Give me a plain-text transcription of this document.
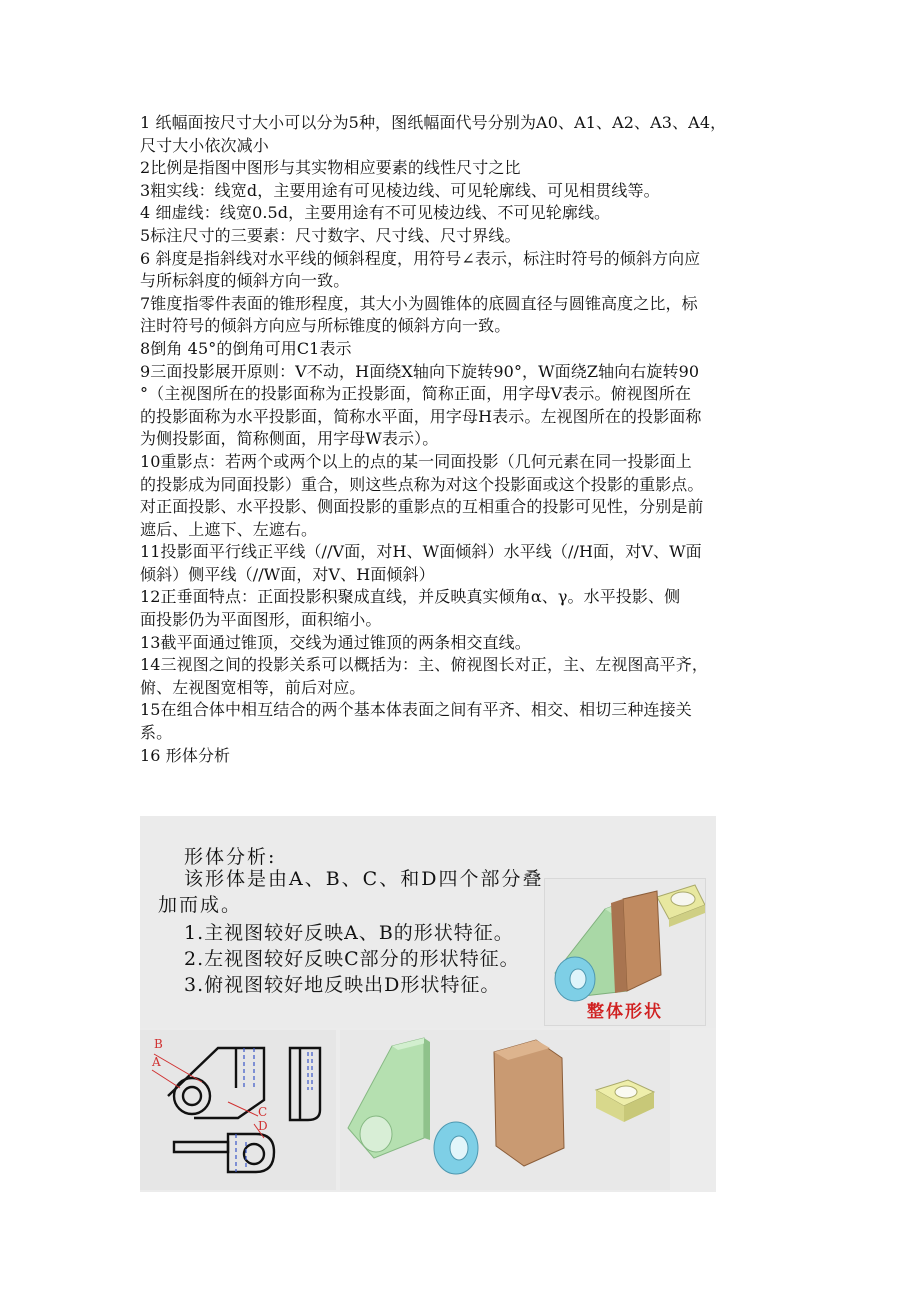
1 纸幅面按尺寸大小可以分为5种，图纸幅面代号分别为A0、A1、A2、A3、A4，
尺寸大小依次减小
2比例是指图中图形与其实物相应要素的线性尺寸之比
3粗实线：线宽d，主要用途有可见棱边线、可见轮廓线、可见相贯线等。
4 细虚线：线宽0.5d，主要用途有不可见棱边线、不可见轮廓线。
5标注尺寸的三要素：尺寸数字、尺寸线、尺寸界线。
6 斜度是指斜线对水平线的倾斜程度，用符号∠表示，标注时符号的倾斜方向应
与所标斜度的倾斜方向一致。
7锥度指零件表面的锥形程度，其大小为圆锥体的底圆直径与圆锥高度之比，标
注时符号的倾斜方向应与所标锥度的倾斜方向一致。
8倒角 45°的倒角可用C1表示
9三面投影展开原则：V不动，H面绕X轴向下旋转90°，W面绕Z轴向右旋转90
°（主视图所在的投影面称为正投影面，简称正面，用字母V表示。俯视图所在
的投影面称为水平投影面，简称水平面，用字母H表示。左视图所在的投影面称
为侧投影面，简称侧面，用字母W表示）。
10重影点：若两个或两个以上的点的某一同面投影（几何元素在同一投影面上
的投影成为同面投影）重合，则这些点称为对这个投影面或这个投影的重影点。
对正面投影、水平投影、侧面投影的重影点的互相重合的投影可见性，分别是前
遮后、上遮下、左遮右。
11投影面平行线正平线（//V面，对H、W面倾斜）水平线（//H面，对V、W面
倾斜）侧平线（//W面，对V、H面倾斜）
12正垂面特点：正面投影积聚成直线，并反映真实倾角α、γ。水平投影、侧
面投影仍为平面图形，面积缩小。
13截平面通过锥顶，交线为通过锥顶的两条相交直线。
14三视图之间的投影关系可以概括为：主、俯视图长对正，主、左视图高平齐，
俯、左视图宽相等，前后对应。
15在组合体中相互结合的两个基本体表面之间有平齐、相交、相切三种连接关
系。
16 形体分析
形体分析:
该形体是由A、B、C、和D四个部分叠加而成。
1.主视图较好反映A、B的形状特征。
2.左视图较好反映C部分的形状特征。
3.俯视图较好地反映出D形状特征。
整体形状
B
A
C
D
